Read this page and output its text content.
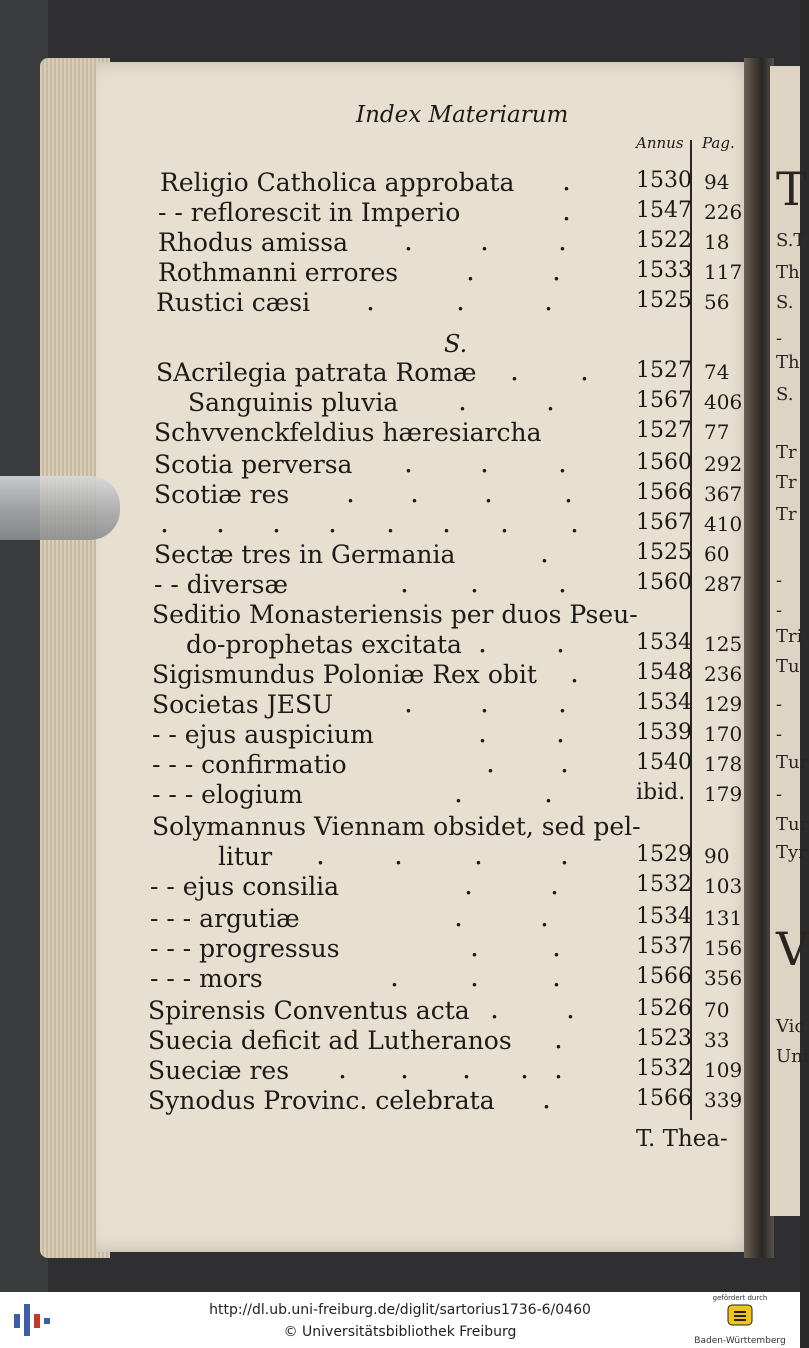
T
S.T
Th
S.
-
Th
S.
Tr
Tr
Tr
-
-
Tri
Tu
-
-
Tur
-
Tur
Tyr
V
Vic
Uni
Index Materiarum
Annus Pag.
S.
Religio Catholica approbata .	1530 94
- - reflorescit in Imperio	.	1547 226
Rhodus amissa . . .	1522 18
Rothmanni errores .	.	1533 117
Rustici cæsi .	.	.	1525 56
SAcrilegia patrata Romæ . . 1527 74
Sanguinis pluvia .	.	1567 406
Schvvenckfeldius hæresiarcha	1527 77
Scotia perversa . . .	1560 292
Scotiæ res . . .	.	1566 367
. . . . . . . .	1567 410
Sectæ tres in Germania	.	1525 60
- - diversæ	. .	.	1560 287
Seditio Monasteriensis per duos Pseu-
do-prophetas excitata . .	1534 125
Sigismundus Poloniæ Rex obit .	1548 236
Societas JESU	. . .	1534 129
- - ejus auspicium	. .	1539 170
- - - confirmatio	. .	1540 178
- - - elogium	.	.	ibid. 179
Solymannus Viennam obsidet, sed pel-
litur . .	.	.	1529 90
- - ejus consilia	.	.	1532 103
- - - argutiæ	.	.	1534 131
- - - progressus	.	.	1537 156
- - - mors	.	.	.	1566 356
Spirensis Conventus acta . .	1526 70
Suecia deficit ad Lutheranos .	1523 33
Sueciæ res . . . . .	1532 109
Synodus Provinc. celebrata .	1566 339
T. Thea-
http://dl.ub.uni-freiburg.de/diglit/sartorius1736-6/0460
© Universitätsbibliothek Freiburg
gefördert durch
Baden-Württemberg
